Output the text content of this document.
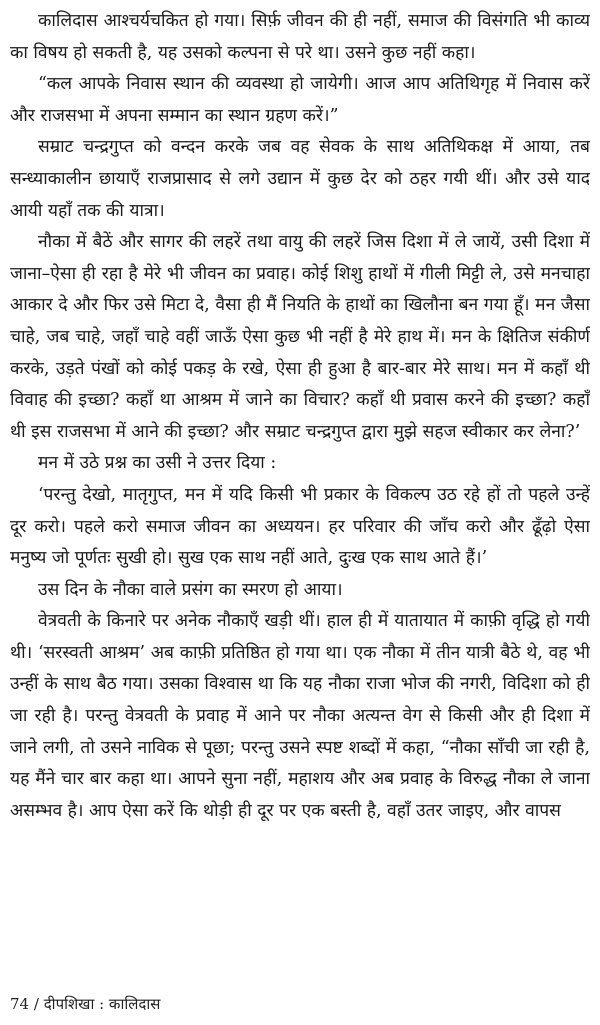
कालिदास आश्चर्यचकित हो गया। सिर्फ़ जीवन की ही नहीं, समाज की विसंगति भी काव्य का विषय हो सकती है, यह उसको कल्पना से परे था। उसने कुछ नहीं कहा।

“कल आपके निवास स्थान की व्यवस्था हो जायेगी। आज आप अतिथिगृह में निवास करें और राजसभा में अपना सम्मान का स्थान ग्रहण करें।”

सम्राट चन्द्रगुप्त को वन्दन करके जब वह सेवक के साथ अतिथिकक्ष में आया, तब सन्ध्याकालीन छायाएँ राजप्रासाद से लगे उद्यान में कुछ देर को ठहर गयी थीं। और उसे याद आयी यहाँ तक की यात्रा।

नौका में बैठें और सागर की लहरें तथा वायु की लहरें जिस दिशा में ले जायें, उसी दिशा में जाना–ऐसा ही रहा है मेरे भी जीवन का प्रवाह। कोई शिशु हाथों में गीली मिट्टी ले, उसे मनचाहा आकार दे और फिर उसे मिटा दे, वैसा ही मैं नियति के हाथों का खिलौना बन गया हूँ। मन जैसा चाहे, जब चाहे, जहाँ चाहे वहीं जाऊँ ऐसा कुछ भी नहीं है मेरे हाथ में। मन के क्षितिज संकीर्ण करके, उड़ते पंखों को कोई पकड़ के रखे, ऐसा ही हुआ है बार-बार मेरे साथ। मन में कहाँ थी विवाह की इच्छा? कहाँ था आश्रम में जाने का विचार? कहाँ थी प्रवास करने की इच्छा? कहाँ थी इस राजसभा में आने की इच्छा? और सम्राट चन्द्रगुप्त द्वारा मुझे सहज स्वीकार कर लेना?’

मन में उठे प्रश्न का उसी ने उत्तर दिया :

‘परन्तु देखो, मातृगुप्त, मन में यदि किसी भी प्रकार के विकल्प उठ रहे हों तो पहले उन्हें दूर करो। पहले करो समाज जीवन का अध्ययन। हर परिवार की जाँच करो और ढूँढ़ो ऐसा मनुष्य जो पूर्णतः सुखी हो। सुख एक साथ नहीं आते, दुःख एक साथ आते हैं।’

उस दिन के नौका वाले प्रसंग का स्मरण हो आया।

वेत्रवती के किनारे पर अनेक नौकाएँ खड़ी थीं। हाल ही में यातायात में काफ़ी वृद्धि हो गयी थी। ‘सरस्वती आश्रम’ अब काफ़ी प्रतिष्ठित हो गया था। एक नौका में तीन यात्री बैठे थे, वह भी उन्हीं के साथ बैठ गया। उसका विश्वास था कि यह नौका राजा भोज की नगरी, विदिशा को ही जा रही है। परन्तु वेत्रवती के प्रवाह में आने पर नौका अत्यन्त वेग से किसी और ही दिशा में जाने लगी, तो उसने नाविक से पूछा; परन्तु उसने स्पष्ट शब्दों में कहा, “नौका साँची जा रही है, यह मैंने चार बार कहा था। आपने सुना नहीं, महाशय और अब प्रवाह के विरुद्ध नौका ले जाना असम्भव है। आप ऐसा करें कि थोड़ी ही दूर पर एक बस्ती है, वहाँ उतर जाइए, और वापस

74 / दीपशिखा : कालिदास
